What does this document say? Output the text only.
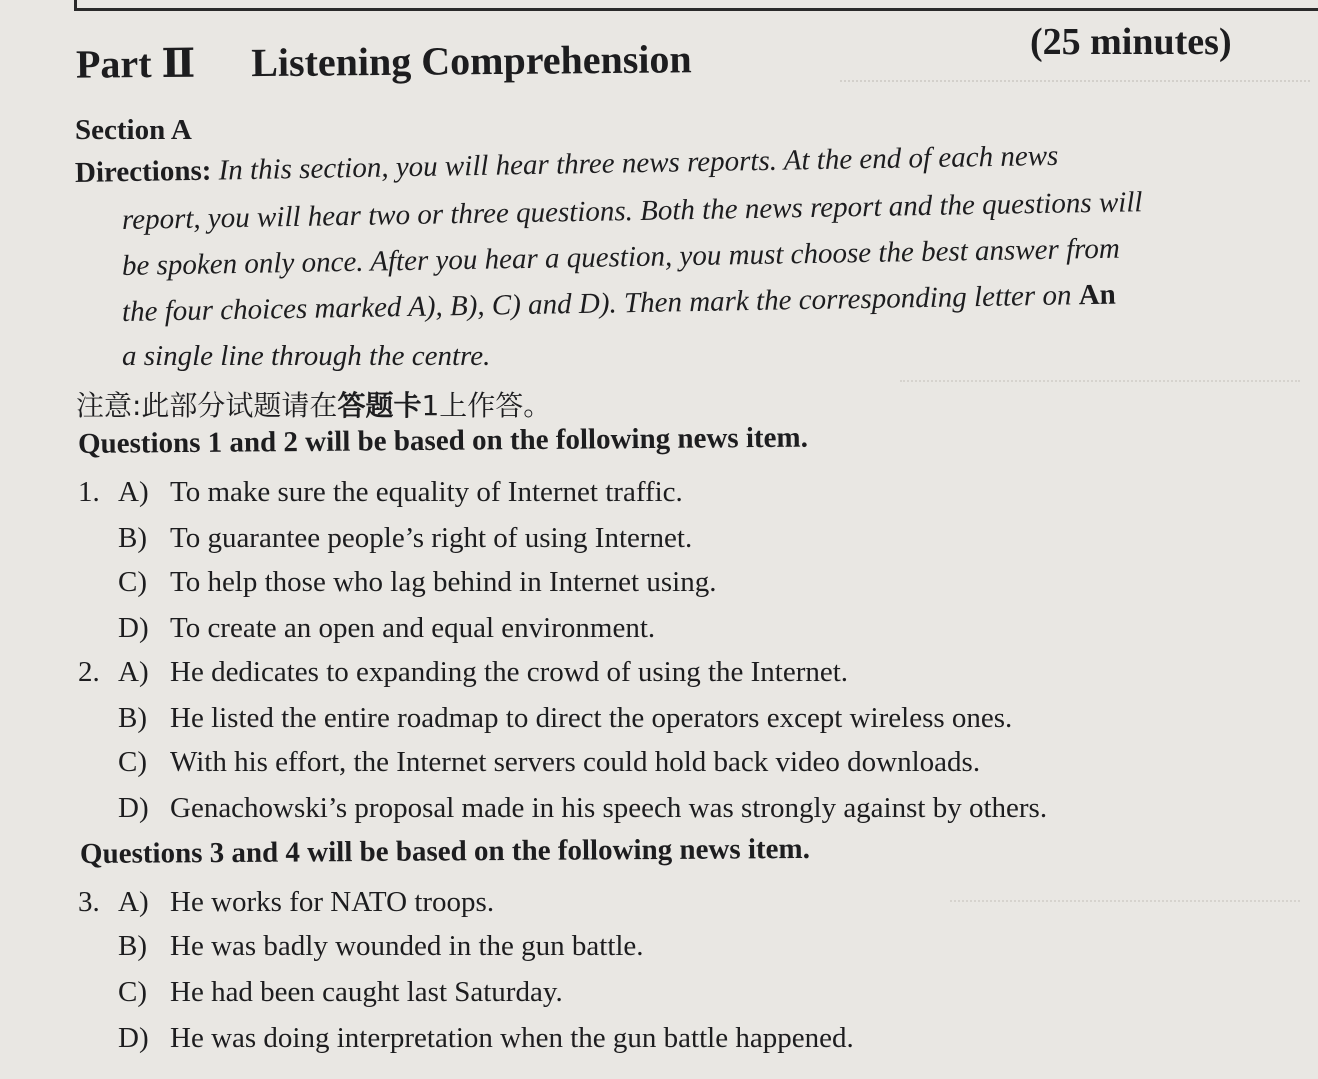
Part Ⅱ Listening Comprehension	(25 minutes)
Section A
Directions: In this section, you will hear three news reports. At the end of each news
report, you will hear two or three questions. Both the news report and the questions will
be spoken only once. After you hear a question, you must choose the best answer from
the four choices marked A), B), C) and D). Then mark the corresponding letter on An
a single line through the centre.
注意:此部分试题请在答题卡1上作答。
Questions 1 and 2 will be based on the following news item.
1. A) To make sure the equality of Internet traffic.
B) To guarantee people’s right of using Internet.
C) To help those who lag behind in Internet using.
D) To create an open and equal environment.
2. A) He dedicates to expanding the crowd of using the Internet.
B) He listed the entire roadmap to direct the operators except wireless ones.
C) With his effort, the Internet servers could hold back video downloads.
D) Genachowski’s proposal made in his speech was strongly against by others.
Questions 3 and 4 will be based on the following news item.
3. A) He works for NATO troops.
B) He was badly wounded in the gun battle.
C) He had been caught last Saturday.
D) He was doing interpretation when the gun battle happened.
